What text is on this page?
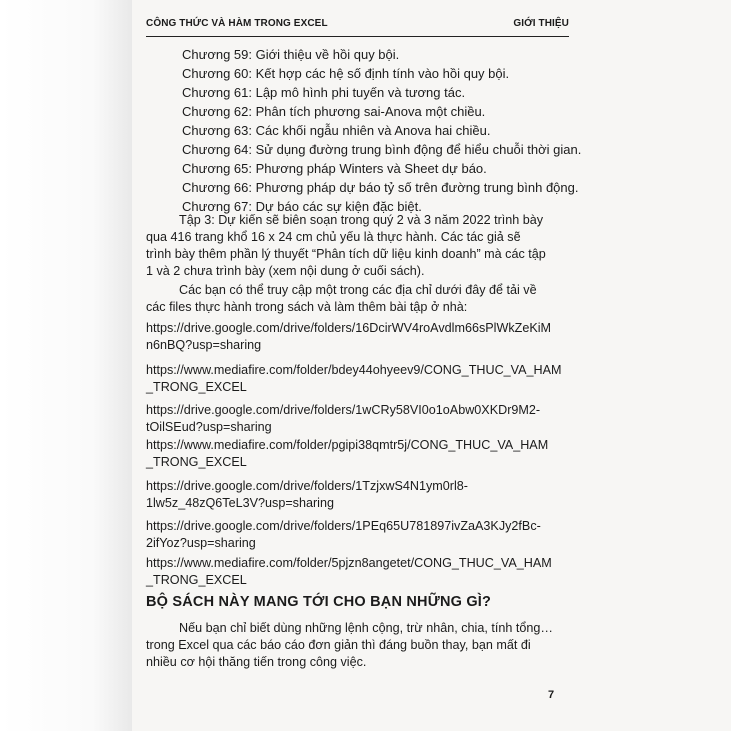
CÔNG THỨC VÀ HÀM TRONG EXCEL	GIỚI THIỆU
Chương 59: Giới thiệu về hồi quy bội.
Chương 60: Kết hợp các hệ số định tính vào hồi quy bội.
Chương 61: Lập mô hình phi tuyến và tương tác.
Chương 62: Phân tích phương sai-Anova một chiều.
Chương 63: Các khối ngẫu nhiên và Anova hai chiều.
Chương 64: Sử dụng đường trung bình động để hiểu chuỗi thời gian.
Chương 65: Phương pháp Winters và Sheet dự báo.
Chương 66: Phương pháp dự báo tỷ số trên đường trung bình động.
Chương 67: Dự báo các sự kiện đặc biệt.
Tập 3: Dự kiến sẽ biên soạn trong quý 2 và 3 năm 2022 trình bày
qua 416 trang khổ 16 x 24 cm chủ yếu là thực hành. Các tác giả sẽ
trình bày thêm phần lý thuyết “Phân tích dữ liệu kinh doanh” mà các tập
1 và 2 chưa trình bày (xem nội dung ở cuối sách).
Các bạn có thể truy cập một trong các địa chỉ dưới đây để tải về
các files thực hành trong sách và làm thêm bài tập ở nhà:
https://drive.google.com/drive/folders/16DcirWV4roAvdlm66sPlWkZeKiM
n6nBQ?usp=sharing
https://www.mediafire.com/folder/bdey44ohyeev9/CONG_THUC_VA_HAM
_TRONG_EXCEL
https://drive.google.com/drive/folders/1wCRy58VI0o1oAbw0XKDr9M2-
tOilSEud?usp=sharing
https://www.mediafire.com/folder/pgipi38qmtr5j/CONG_THUC_VA_HAM
_TRONG_EXCEL
https://drive.google.com/drive/folders/1TzjxwS4N1ym0rl8-
1lw5z_48zQ6TeL3V?usp=sharing
https://drive.google.com/drive/folders/1PEq65U781897ivZaA3KJy2fBc-
2ifYoz?usp=sharing
https://www.mediafire.com/folder/5pjzn8angetet/CONG_THUC_VA_HAM
_TRONG_EXCEL
BỘ SÁCH NÀY MANG TỚI CHO BẠN NHỮNG GÌ?
Nếu bạn chỉ biết dùng những lệnh cộng, trừ nhân, chia, tính tổng…
trong Excel qua các báo cáo đơn giản thì đáng buồn thay, bạn mất đi
nhiều cơ hội thăng tiến trong công việc.
7
